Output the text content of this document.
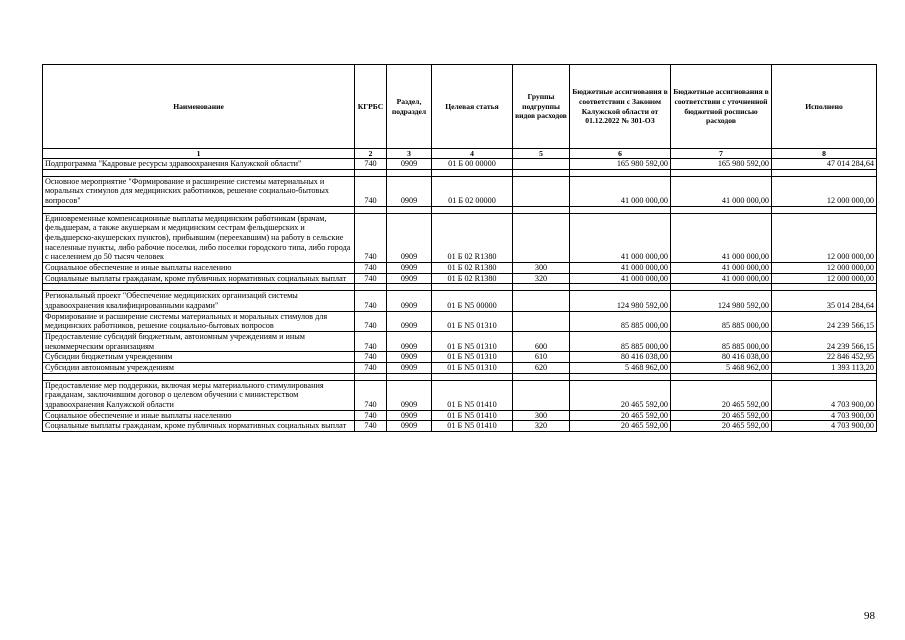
Наименование	КГРБС	Раздел, подраздел	Целевая статья	Группы подгруппы видов расходов	Бюджетные ассигнования в соответствии с Законом Калужской области от 01.12.2022 № 301-ОЗ	Бюджетные ассигнования в соответствии с уточненной бюджетной росписью расходов	Исполнено
1	2	3	4	5	6	7	8
Подпрограмма "Кадровые ресурсы здравоохранения Калужской области"	740	0909	01 Б 00 00000		165 980 592,00	165 980 592,00	47 014 284,64

Основное мероприятие "Формирование и расширение системы материальных и моральных стимулов для медицинских работников, решение социально-бытовых вопросов"	740	0909	01 Б 02 00000		41 000 000,00	41 000 000,00	12 000 000,00

Единовременные компенсационные выплаты медицинским работникам (врачам, фельдшерам, а также акушеркам и медицинским сестрам фельдшерских и фельдшерско-акушерских пунктов), прибывшим (переехавшим) на работу в сельские населенные пункты, либо рабочие поселки, либо поселки городского типа, либо города с населением до 50 тысяч человек	740	0909	01 Б 02 R1380		41 000 000,00	41 000 000,00	12 000 000,00
Социальное обеспечение и иные выплаты населению	740	0909	01 Б 02 R1380	300	41 000 000,00	41 000 000,00	12 000 000,00
Социальные выплаты гражданам, кроме публичных нормативных социальных выплат	740	0909	01 Б 02 R1380	320	41 000 000,00	41 000 000,00	12 000 000,00

Региональный проект "Обеспечение медицинских организаций системы здравоохранения квалифицированными кадрами"	740	0909	01 Б N5 00000		124 980 592,00	124 980 592,00	35 014 284,64
Формирование и расширение системы материальных и моральных стимулов для медицинских работников, решение социально-бытовых вопросов	740	0909	01 Б N5 01310		85 885 000,00	85 885 000,00	24 239 566,15
Предоставление субсидий бюджетным, автономным учреждениям и иным некоммерческим организациям	740	0909	01 Б N5 01310	600	85 885 000,00	85 885 000,00	24 239 566,15
Субсидии бюджетным учреждениям	740	0909	01 Б N5 01310	610	80 416 038,00	80 416 038,00	22 846 452,95
Субсидии автономным учреждениям	740	0909	01 Б N5 01310	620	5 468 962,00	5 468 962,00	1 393 113,20

Предоставление мер поддержки, включая меры материального стимулирования гражданам, заключившим договор о целевом обучении с министерством здравоохранения Калужской области	740	0909	01 Б N5 01410		20 465 592,00	20 465 592,00	4 703 900,00
Социальное обеспечение и иные выплаты населению	740	0909	01 Б N5 01410	300	20 465 592,00	20 465 592,00	4 703 900,00
Социальные выплаты гражданам, кроме публичных нормативных социальных выплат	740	0909	01 Б N5 01410	320	20 465 592,00	20 465 592,00	4 703 900,00
98
